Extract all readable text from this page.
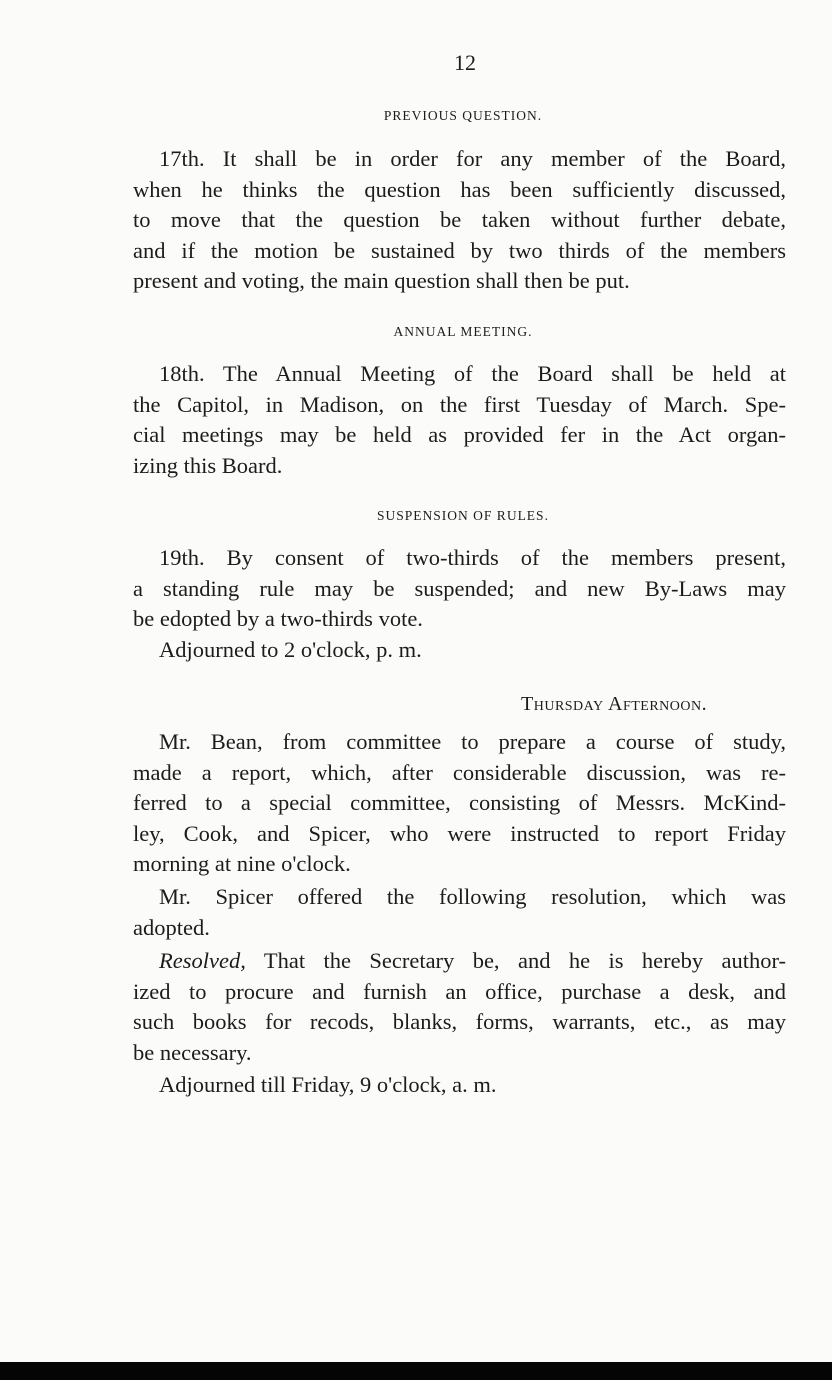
12
PREVIOUS QUESTION.
17th. It shall be in order for any member of the Board,
when he thinks the question has been sufficiently discussed,
to move that the question be taken without further debate,
and if the motion be sustained by two thirds of the members
present and voting, the main question shall then be put.
ANNUAL MEETING.
18th. The Annual Meeting of the Board shall be held at
the Capitol, in Madison, on the first Tuesday of March. Spe-
cial meetings may be held as provided fer in the Act organ-
izing this Board.
SUSPENSION OF RULES.
19th. By consent of two-thirds of the members present,
a standing rule may be suspended; and new By-Laws may
be edopted by a two-thirds vote.
Adjourned to 2 o'clock, p. m.
Thursday Afternoon.
Mr. Bean, from committee to prepare a course of study,
made a report, which, after considerable discussion, was re-
ferred to a special committee, consisting of Messrs. McKind-
ley, Cook, and Spicer, who were instructed to report Friday
morning at nine o'clock.
Mr. Spicer offered the following resolution, which was
adopted.
Resolved, That the Secretary be, and he is hereby author-
ized to procure and furnish an office, purchase a desk, and
such books for recods, blanks, forms, warrants, etc., as may
be necessary.
Adjourned till Friday, 9 o'clock, a. m.
